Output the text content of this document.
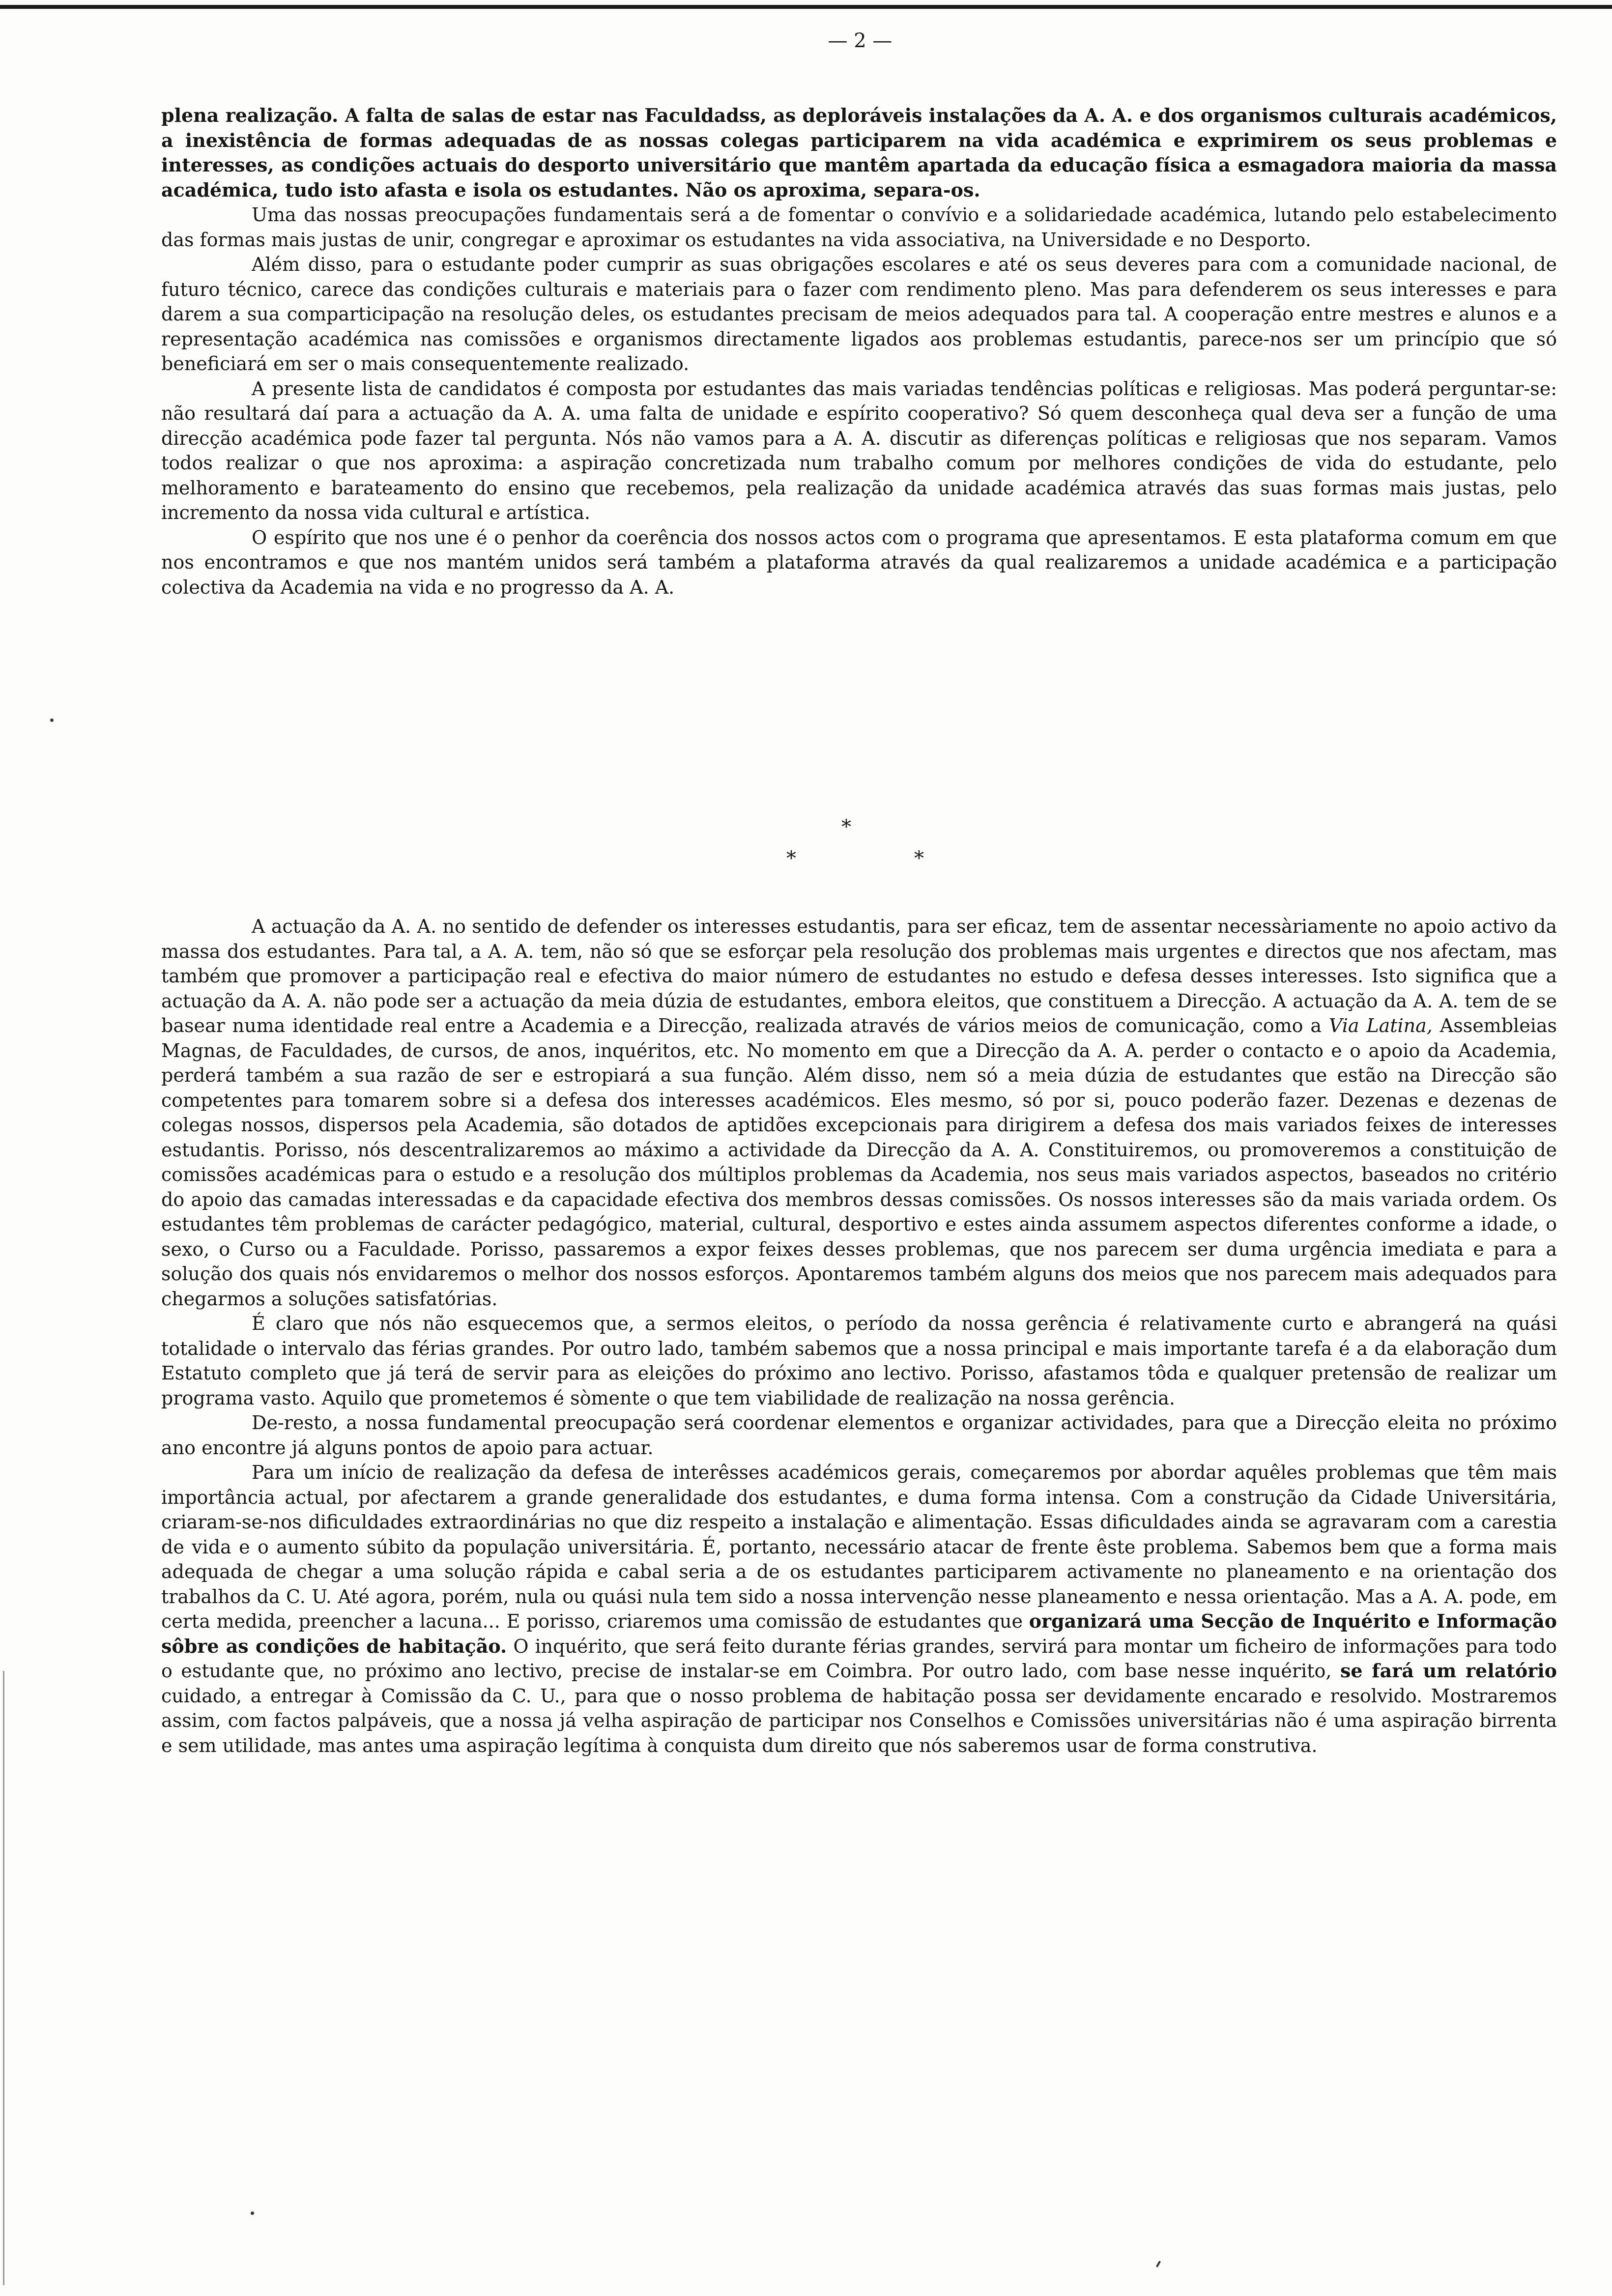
— 2 —

plena realização. A falta de salas de estar nas Faculdadss, as deploráveis instalações da A. A. e dos organismos culturais académicos, a inexistência de formas adequadas de as nossas colegas participarem na vida académica e exprimirem os seus problemas e interesses, as condições actuais do desporto universitário que mantêm apartada da educação física a esmagadora maioria da massa académica, tudo isto afasta e isola os estudantes. Não os aproxima, separa-os.

Uma das nossas preocupações fundamentais será a de fomentar o convívio e a solidariedade académica, lutando pelo estabelecimento das formas mais justas de unir, congregar e aproximar os estudantes na vida associativa, na Universidade e no Desporto.

Além disso, para o estudante poder cumprir as suas obrigações escolares e até os seus deveres para com a comunidade nacional, de futuro técnico, carece das condições culturais e materiais para o fazer com rendimento pleno. Mas para defenderem os seus interesses e para darem a sua comparticipação na resolução deles, os estudantes precisam de meios adequados para tal. A cooperação entre mestres e alunos e a representação académica nas comissões e organismos directamente ligados aos problemas estudantis, parece-nos ser um princípio que só beneficiará em ser o mais consequentemente realizado.

A presente lista de candidatos é composta por estudantes das mais variadas tendências políticas e religiosas. Mas poderá perguntar-se: não resultará daí para a actuação da A. A. uma falta de unidade e espírito cooperativo? Só quem desconheça qual deva ser a função de uma direcção académica pode fazer tal pergunta. Nós não vamos para a A. A. discutir as diferenças políticas e religiosas que nos separam. Vamos todos realizar o que nos aproxima: a aspiração concretizada num trabalho comum por melhores condições de vida do estudante, pelo melhoramento e barateamento do ensino que recebemos, pela realização da unidade académica através das suas formas mais justas, pelo incremento da nossa vida cultural e artística.

O espírito que nos une é o penhor da coerência dos nossos actos com o programa que apresentamos. E esta plataforma comum em que nos encontramos e que nos mantém unidos será também a plataforma através da qual realizaremos a unidade académica e a participação colectiva da Academia na vida e no progresso da A. A.

*
*	*

A actuação da A. A. no sentido de defender os interesses estudantis, para ser eficaz, tem de assentar necessàriamente no apoio activo da massa dos estudantes. Para tal, a A. A. tem, não só que se esforçar pela resolução dos problemas mais urgentes e directos que nos afectam, mas também que promover a participação real e efectiva do maior número de estudantes no estudo e defesa desses interesses. Isto significa que a actuação da A. A. não pode ser a actuação da meia dúzia de estudantes, embora eleitos, que constituem a Direcção. A actuação da A. A. tem de se basear numa identidade real entre a Academia e a Direcção, realizada através de vários meios de comunicação, como a Via Latina, Assembleias Magnas, de Faculdades, de cursos, de anos, inquéritos, etc. No momento em que a Direcção da A. A. perder o contacto e o apoio da Academia, perderá também a sua razão de ser e estropiará a sua função. Além disso, nem só a meia dúzia de estudantes que estão na Direcção são competentes para tomarem sobre si a defesa dos interesses académicos. Eles mesmo, só por si, pouco poderão fazer. Dezenas e dezenas de colegas nossos, dispersos pela Academia, são dotados de aptidões excepcionais para dirigirem a defesa dos mais variados feixes de interesses estudantis. Porisso, nós descentralizaremos ao máximo a actividade da Direcção da A. A. Constituiremos, ou promoveremos a constituição de comissões académicas para o estudo e a resolução dos múltiplos problemas da Academia, nos seus mais variados aspectos, baseados no critério do apoio das camadas interessadas e da capacidade efectiva dos membros dessas comissões. Os nossos interesses são da mais variada ordem. Os estudantes têm problemas de carácter pedagógico, material, cultural, desportivo e estes ainda assumem aspectos diferentes conforme a idade, o sexo, o Curso ou a Faculdade. Porisso, passaremos a expor feixes desses problemas, que nos parecem ser duma urgência imediata e para a solução dos quais nós envidaremos o melhor dos nossos esforços. Apontaremos também alguns dos meios que nos parecem mais adequados para chegarmos a soluções satisfatórias.

É claro que nós não esquecemos que, a sermos eleitos, o período da nossa gerência é relativamente curto e abrangerá na quási totalidade o intervalo das férias grandes. Por outro lado, também sabemos que a nossa principal e mais importante tarefa é a da elaboração dum Estatuto completo que já terá de servir para as eleições do próximo ano lectivo. Porisso, afastamos tôda e qualquer pretensão de realizar um programa vasto. Aquilo que prometemos é sòmente o que tem viabilidade de realização na nossa gerência.

De-resto, a nossa fundamental preocupação será coordenar elementos e organizar actividades, para que a Direcção eleita no próximo ano encontre já alguns pontos de apoio para actuar.

Para um início de realização da defesa de interêsses académicos gerais, começaremos por abordar aquêles problemas que têm mais importância actual, por afectarem a grande generalidade dos estudantes, e duma forma intensa. Com a construção da Cidade Universitária, criaram-se-nos dificuldades extraordinárias no que diz respeito a instalação e alimentação. Essas dificuldades ainda se agravaram com a carestia de vida e o aumento súbito da população universitária. É, portanto, necessário atacar de frente êste problema. Sabemos bem que a forma mais adequada de chegar a uma solução rápida e cabal seria a de os estudantes participarem activamente no planeamento e na orientação dos trabalhos da C. U. Até agora, porém, nula ou quási nula tem sido a nossa intervenção nesse planeamento e nessa orientação. Mas a A. A. pode, em certa medida, preencher a lacuna... E porisso, criaremos uma comissão de estudantes que organizará uma Secção de Inquérito e Informação sôbre as condições de habitação. O inquérito, que será feito durante férias grandes, servirá para montar um ficheiro de informações para todo o estudante que, no próximo ano lectivo, precise de instalar-se em Coimbra. Por outro lado, com base nesse inquérito, se fará um relatório cuidado, a entregar à Comissão da C. U., para que o nosso problema de habitação possa ser devidamente encarado e resolvido. Mostraremos assim, com factos palpáveis, que a nossa já velha aspiração de participar nos Conselhos e Comissões universitárias não é uma aspiração birrenta e sem utilidade, mas antes uma aspiração legítima à conquista dum direito que nós saberemos usar de forma construtiva.
